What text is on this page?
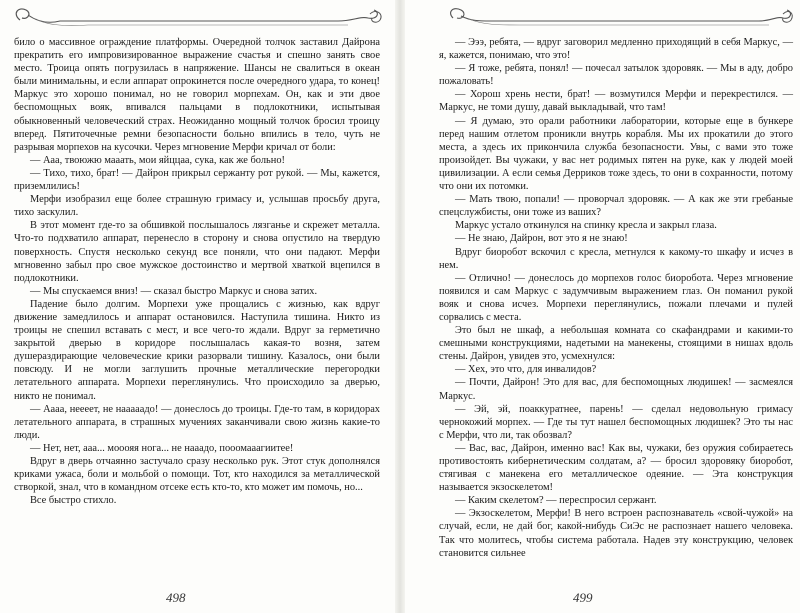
било о массивное ограждение платформы. Очередной толчок заставил Дайрона прекратить его импровизированное выражение счастья и спешно занять свое место. Троица опять погрузилась в напряжение. Шансы не свалиться в океан были минимальны, и если аппарат опрокинется после очередного удара, то конец! Маркус это хорошо понимал, но не говорил морпехам. Он, как и эти двое беспомощных вояк, впивался пальцами в подлокотники, испытывая обыкновенный человеческий страх. Неожиданно мощный толчок бросил троицу вперед. Пятиточечные ремни безопасности больно впились в тело, чуть не разрывая морпехов на кусочки. Через мгновение Мерфи кричал от боли:

— Ааа, твоюжю мааать, мои яйццаа, сука, как же больно!

— Тихо, тихо, брат! — Дайрон прикрыл сержанту рот рукой. — Мы, кажется, приземлились!

Мерфи изобразил еще более страшную гримасу и, услышав просьбу друга, тихо заскулил.

В этот момент где-то за обшивкой послышалось лязганье и скрежет металла. Что-то подхватило аппарат, перенесло в сторону и снова опустило на твердую поверхность. Спустя несколько секунд все поняли, что они падают. Мерфи мгновенно забыл про свое мужское достоинство и мертвой хваткой вцепился в подлокотники.

— Мы спускаемся вниз! — сказал быстро Маркус и снова затих.

Падение было долгим. Морпехи уже прощались с жизнью, как вдруг движение замедлилось и аппарат остановился. Наступила тишина. Никто из троицы не спешил вставать с мест, и все чего-то ждали. Вдруг за герметично закрытой дверью в коридоре послышалась какая-то возня, затем душераздирающие человеческие крики разорвали тишину. Казалось, они были повсюду. И не могли заглушить прочные металлические перегородки летательного аппарата. Морпехи переглянулись. Что происходило за дверью, никто не понимал.

— Аааа, нееeeт, не нааааадо! — донеслось до троицы. Где-то там, в коридорах летательного аппарата, в страшных мучениях заканчивали свою жизнь какие-то люди.

— Нет, нет, ааа... мооояя нога... не нааадо, пооомааагиитее!

Вдруг в дверь отчаянно застучало сразу несколько рук. Этот стук дополнялся криками ужаса, боли и мольбой о помощи. Тот, кто находился за металлической створкой, знал, что в командном отсеке есть кто-то, кто может им помочь, но...

Все быстро стихло.

498

— Эээ, ребята, — вдруг заговорил медленно приходящий в себя Маркус, — я, кажется, понимаю, что это!

— Я тоже, ребята, понял! — почесал затылок здоровяк. — Мы в аду, добро пожаловать!

— Хорош хрень нести, брат! — возмутился Мерфи и перекрестился. — Маркус, не томи душу, давай выкладывай, что там!

— Я думаю, это орали работники лаборатории, которые еще в бункере перед нашим отлетом проникли внутрь корабля. Мы их прокатили до этого места, а здесь их прикончила служба безопасности. Увы, с вами это тоже произойдет. Вы чужаки, у вас нет родимых пятен на руке, как у людей моей цивилизации. А если семья Дерриков тоже здесь, то они в сохранности, потому что они их потомки.

— Мать твою, попали! — проворчал здоровяк. — А как же эти гребаные спецслужбисты, они тоже из ваших?

Маркус устало откинулся на спинку кресла и закрыл глаза.

— Не знаю, Дайрон, вот это я не знаю!

Вдруг биоробот вскочил с кресла, метнулся к какому-то шкафу и исчез в нем.

— Отлично! — донеслось до морпехов голос биоробота. Через мгновение появился и сам Маркус с задумчивым выражением глаз. Он поманил рукой вояк и снова исчез. Морпехи переглянулись, пожали плечами и пулей сорвались с места.

Это был не шкаф, а небольшая комната со скафандрами и какими-то смешными конструкциями, надетыми на манекены, стоящими в нишах вдоль стены. Дайрон, увидев это, усмехнулся:

— Хех, это что, для инвалидов?

— Почти, Дайрон! Это для вас, для беспомощных людишек! — засмеялся Маркус.

— Эй, эй, поаккуратнее, парень! — сделал недовольную гримасу чернокожий морпех. — Где ты тут нашел беспомощных людишек? Это ты нас с Мерфи, что ли, так обозвал?

— Вас, вас, Дайрон, именно вас! Как вы, чужаки, без оружия собираетесь противостоять кибернетическим солдатам, а? — бросил здоровяку биоробот, стягивая с манекена его металлическое одеяние. — Эта конструкция называется экзоскелетом!

— Каким скелетом? — переспросил сержант.

— Экзоскелетом, Мерфи! В него встроен распознаватель «свой-чужой» на случай, если, не дай бог, какой-нибудь СиЭс не распознает нашего человека. Так что молитесь, чтобы система работала. Надев эту конструкцию, человек становится сильнее

499
